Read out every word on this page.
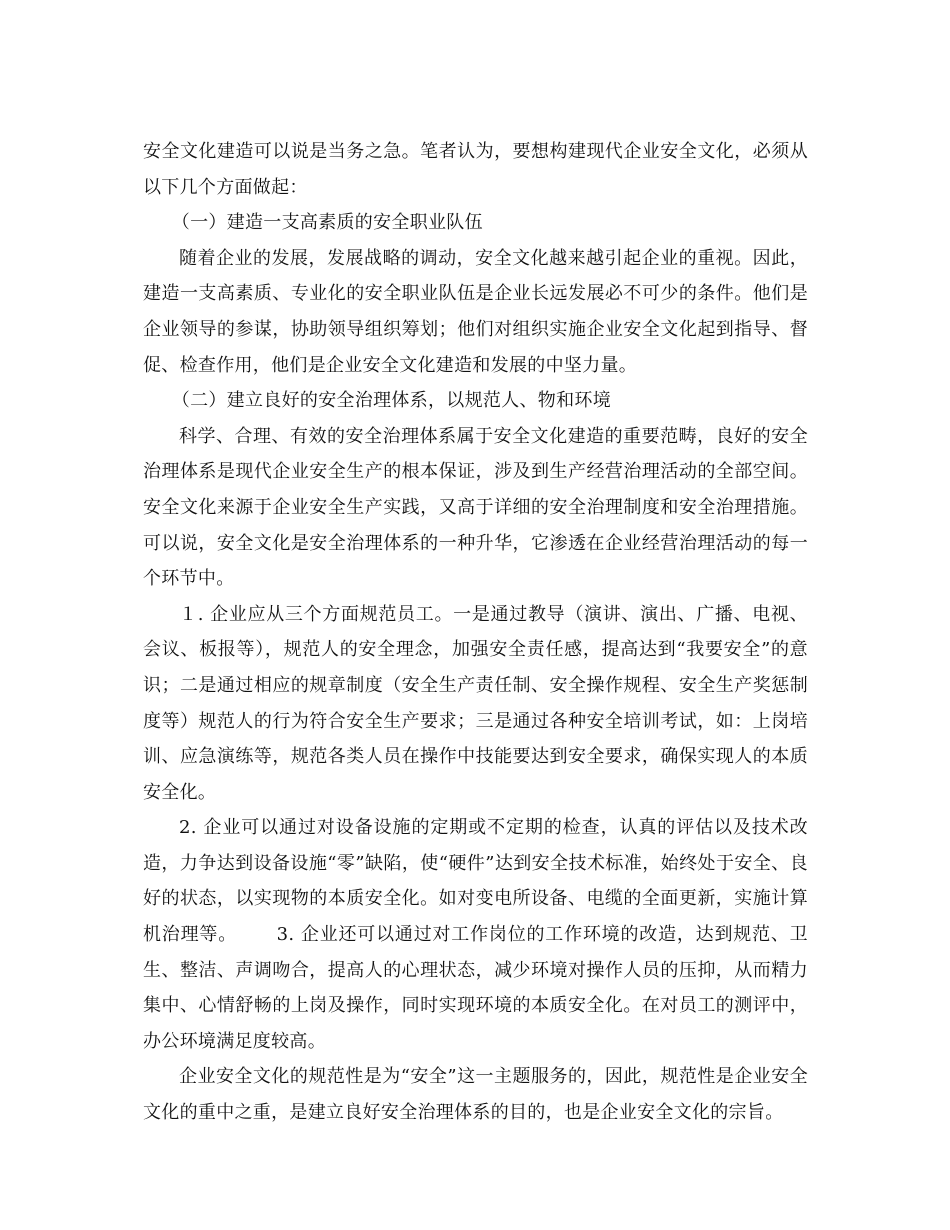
安全文化建造可以说是当务之急。笔者认为，要想构建现代企业安全文化，必须从以下几个方面做起：

（一）建造一支高素质的安全职业队伍

随着企业的发展，发展战略的调动，安全文化越来越引起企业的重视。因此，建造一支高素质、专业化的安全职业队伍是企业长远发展必不可少的条件。他们是企业领导的参谋，协助领导组织筹划；他们对组织实施企业安全文化起到指导、督促、检查作用，他们是企业安全文化建造和发展的中坚力量。

（二）建立良好的安全治理体系，以规范人、物和环境

科学、合理、有效的安全治理体系属于安全文化建造的重要范畴，良好的安全治理体系是现代企业安全生产的根本保证，涉及到生产经营治理活动的全部空间。安全文化来源于企业安全生产实践，又高于详细的安全治理制度和安全治理措施。可以说，安全文化是安全治理体系的一种升华，它渗透在企业经营治理活动的每一个环节中。

１. 企业应从三个方面规范员工。一是通过教导（演讲、演出、广播、电视、会议、板报等），规范人的安全理念，加强安全责任感，提高达到“我要安全”的意识；二是通过相应的规章制度（安全生产责任制、安全操作规程、安全生产奖惩制度等）规范人的行为符合安全生产要求；三是通过各种安全培训考试，如：上岗培训、应急演练等，规范各类人员在操作中技能要达到安全要求，确保实现人的本质安全化。

2. 企业可以通过对设备设施的定期或不定期的检查，认真的评估以及技术改造，力争达到设备设施“零”缺陷，使“硬件”达到安全技术标准，始终处于安全、良好的状态，以实现物的本质安全化。如对变电所设备、电缆的全面更新，实施计算机治理等。 3. 企业还可以通过对工作岗位的工作环境的改造，达到规范、卫生、整洁、声调吻合，提高人的心理状态，减少环境对操作人员的压抑，从而精力集中、心情舒畅的上岗及操作，同时实现环境的本质安全化。在对员工的测评中，办公环境满足度较高。

企业安全文化的规范性是为“安全”这一主题服务的，因此，规范性是企业安全文化的重中之重，是建立良好安全治理体系的目的，也是企业安全文化的宗旨。
